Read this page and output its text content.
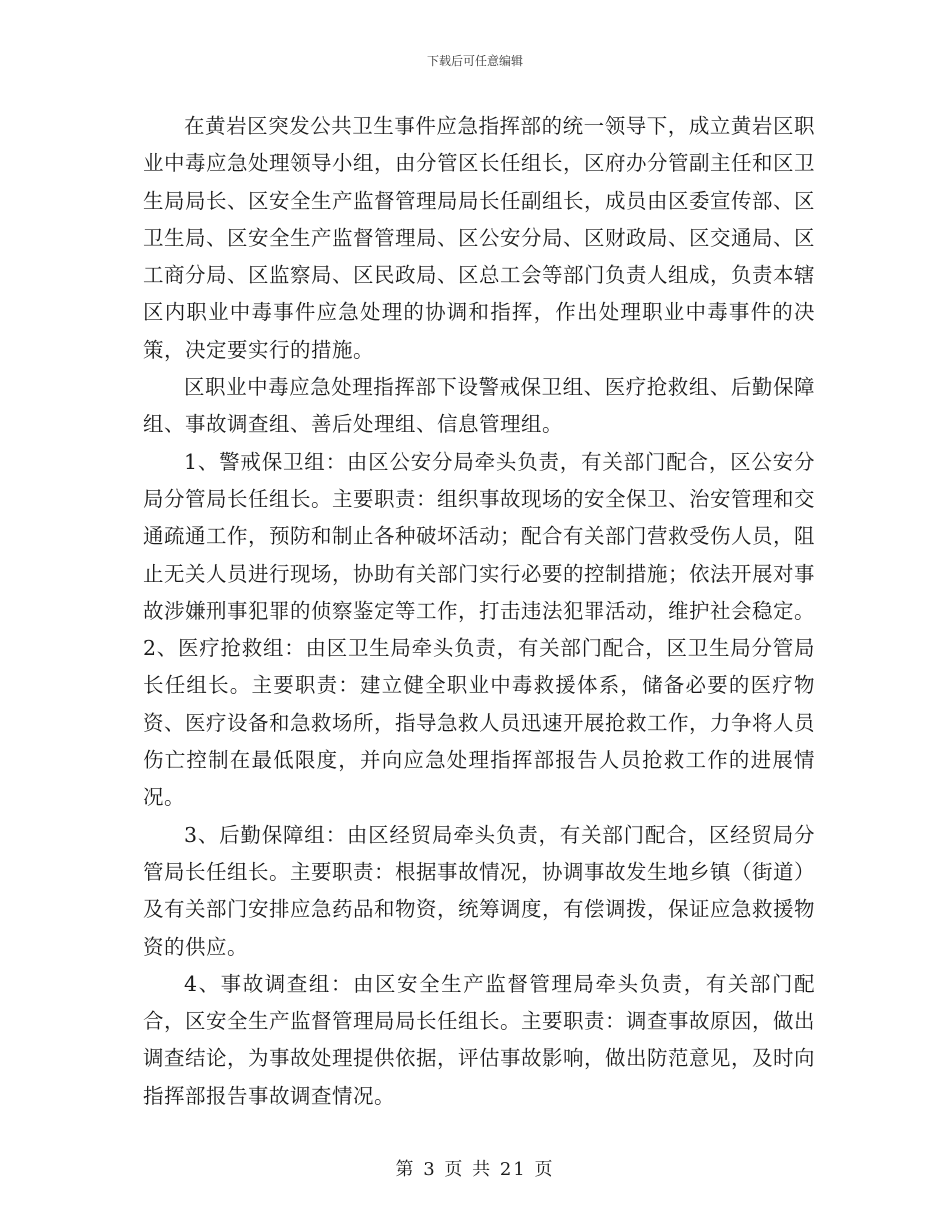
下载后可任意编辑

在黄岩区突发公共卫生事件应急指挥部的统一领导下，成立黄岩区职业中毒应急处理领导小组，由分管区长任组长，区府办分管副主任和区卫生局局长、区安全生产监督管理局局长任副组长，成员由区委宣传部、区卫生局、区安全生产监督管理局、区公安分局、区财政局、区交通局、区工商分局、区监察局、区民政局、区总工会等部门负责人组成，负责本辖区内职业中毒事件应急处理的协调和指挥，作出处理职业中毒事件的决策，决定要实行的措施。

区职业中毒应急处理指挥部下设警戒保卫组、医疗抢救组、后勤保障组、事故调查组、善后处理组、信息管理组。

1、警戒保卫组：由区公安分局牵头负责，有关部门配合，区公安分局分管局长任组长。主要职责：组织事故现场的安全保卫、治安管理和交通疏通工作，预防和制止各种破坏活动；配合有关部门营救受伤人员，阻止无关人员进行现场，协助有关部门实行必要的控制措施；依法开展对事故涉嫌刑事犯罪的侦察鉴定等工作，打击违法犯罪活动，维护社会稳定。2、医疗抢救组：由区卫生局牵头负责，有关部门配合，区卫生局分管局长任组长。主要职责：建立健全职业中毒救援体系，储备必要的医疗物资、医疗设备和急救场所，指导急救人员迅速开展抢救工作，力争将人员伤亡控制在最低限度，并向应急处理指挥部报告人员抢救工作的进展情况。

3、后勤保障组：由区经贸局牵头负责，有关部门配合，区经贸局分管局长任组长。主要职责：根据事故情况，协调事故发生地乡镇（街道）及有关部门安排应急药品和物资，统筹调度，有偿调拨，保证应急救援物资的供应。

4、事故调查组：由区安全生产监督管理局牵头负责，有关部门配合，区安全生产监督管理局局长任组长。主要职责：调查事故原因，做出调查结论，为事故处理提供依据，评估事故影响，做出防范意见，及时向指挥部报告事故调查情况。

第 3 页 共 21 页
